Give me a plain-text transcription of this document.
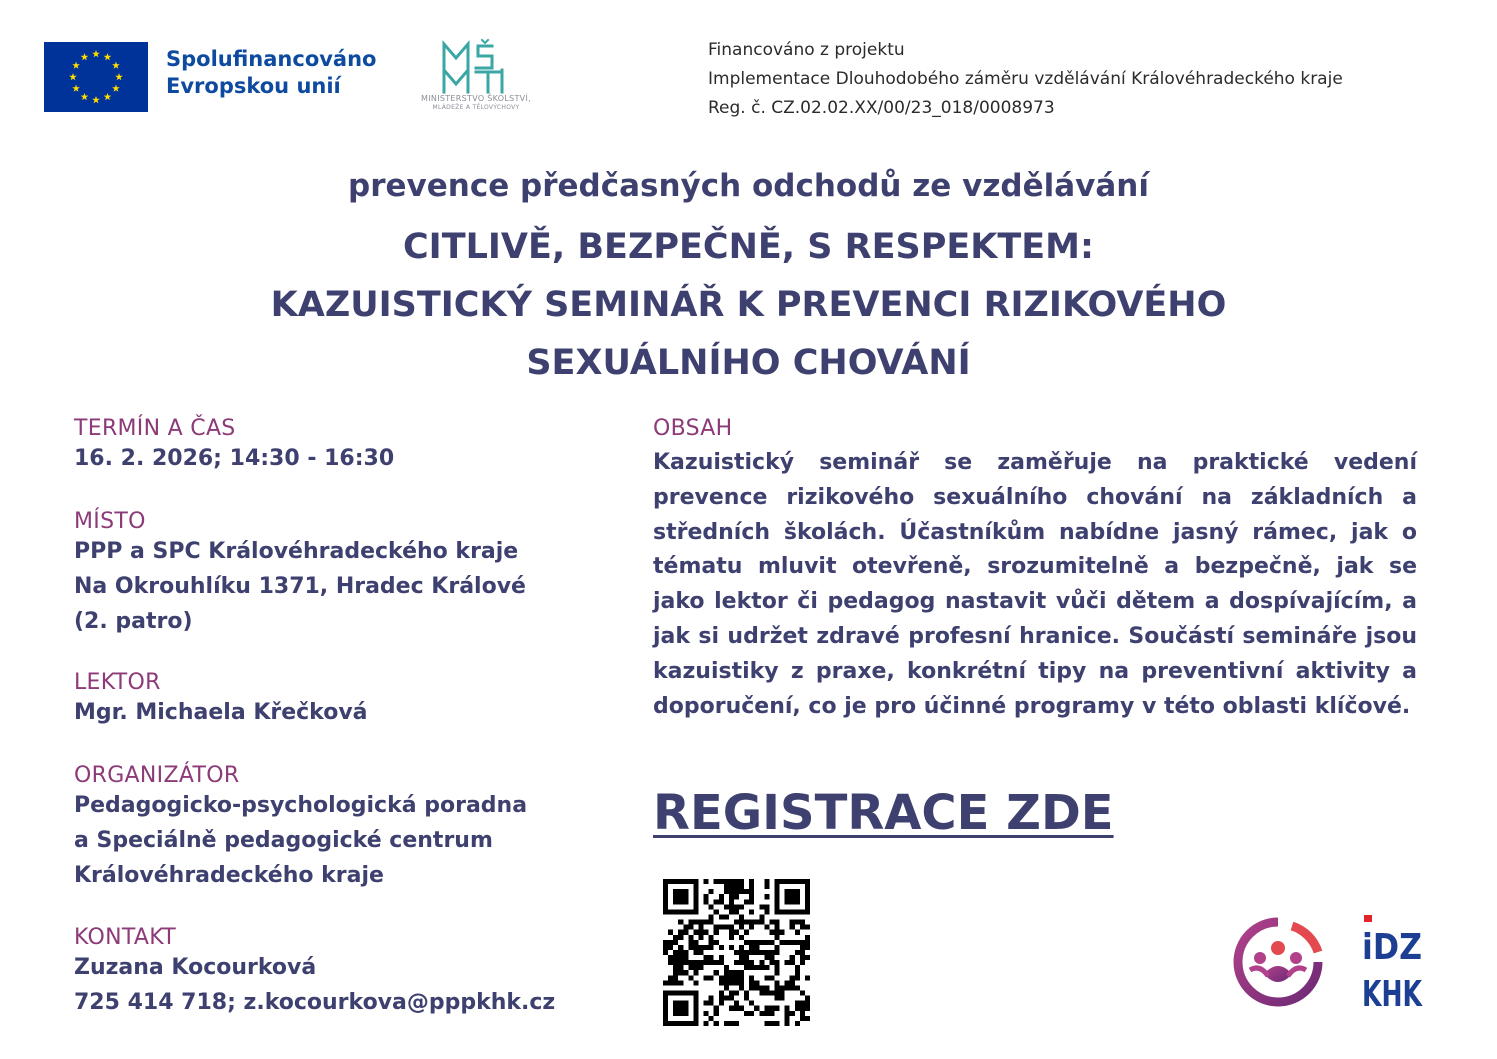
Spolufinancováno
Evropskou unií
MINISTERSTVO ŠKOLSTVÍ,
MLÁDEŽE A TĚLOVÝCHOVY
Financováno z projektu
Implementace Dlouhodobého záměru vzdělávání Královéhradeckého kraje
Reg. č. CZ.02.02.XX/00/23_018/0008973
prevence předčasných odchodů ze vzdělávání
CITLIVĚ, BEZPEČNĚ, S RESPEKTEM:
KAZUISTICKÝ SEMINÁŘ K PREVENCI RIZIKOVÉHO
SEXUÁLNÍHO CHOVÁNÍ
TERMÍN A ČAS
16. 2. 2026; 14:30 - 16:30
MÍSTO
PPP a SPC Královéhradeckého kraje
Na Okrouhlíku 1371, Hradec Králové
(2. patro)
LEKTOR
Mgr. Michaela Křečková
ORGANIZÁTOR
Pedagogicko-psychologická poradna
a Speciálně pedagogické centrum
Královéhradeckého kraje
KONTAKT
Zuzana Kocourková
725 414 718; z.kocourkova@pppkhk.cz
OBSAH
Kazuistický seminář se zaměřuje na praktické vedení prevence rizikového sexuálního chování na základních a středních školách. Účastníkům nabídne jasný rámec, jak o tématu mluvit otevřeně, srozumitelně a bezpečně, jak se jako lektor či pedagog nastavit vůči dětem a dospívajícím, a jak si udržet zdravé profesní hranice. Součástí semináře jsou kazuistiky z praxe, konkrétní tipy na preventivní aktivity a doporučení, co je pro účinné programy v této oblasti klíčové.
REGISTRACE ZDE
iDZ
KHK
